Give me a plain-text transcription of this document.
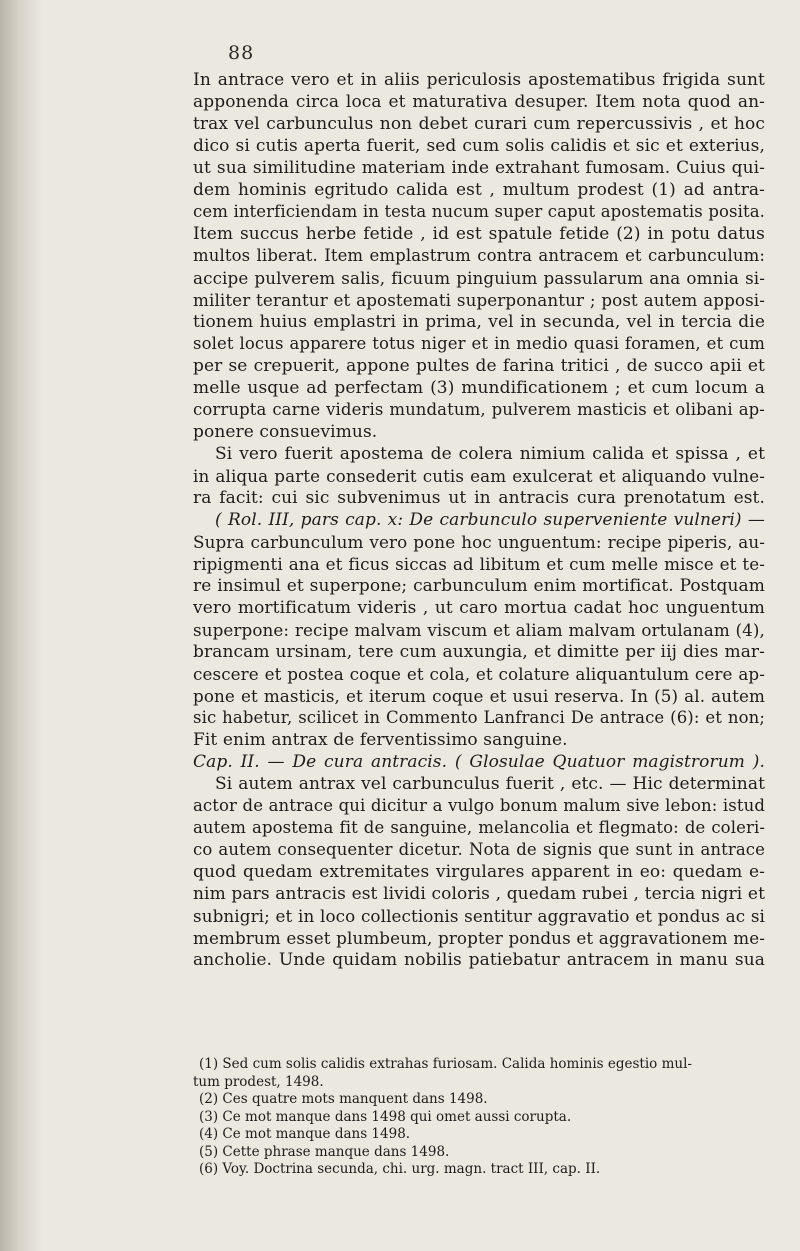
88
In antrace vero et in aliis periculosis apostematibus frigida sunt
apponenda circa loca et maturativa desuper. Item nota quod an-
trax vel carbunculus non debet curari cum repercussivis , et hoc
dico si cutis aperta fuerit, sed cum solis calidis et sic et exterius,
ut sua similitudine materiam inde extrahant fumosam. Cuius qui-
dem hominis egritudo calida est , multum prodest (1) ad antra-
cem interficiendam in testa nucum super caput apostematis posita.
Item succus herbe fetide , id est spatule fetide (2) in potu datus
multos liberat. Item emplastrum contra antracem et carbunculum:
accipe pulverem salis, ficuum pinguium passularum ana omnia si-
militer terantur et apostemati superponantur ; post autem apposi-
tionem huius emplastri in prima, vel in secunda, vel in tercia die
solet locus apparere totus niger et in medio quasi foramen, et cum
per se crepuerit, appone pultes de farina tritici , de succo apii et
melle usque ad perfectam (3) mundificationem ; et cum locum a
corrupta carne videris mundatum, pulverem masticis et olibani ap-
ponere consuevimus.
Si vero fuerit apostema de colera nimium calida et spissa , et
in aliqua parte consederit cutis eam exulcerat et aliquando vulne-
ra facit: cui sic subvenimus ut in antracis cura prenotatum est.
( Rol. III, pars cap. x: De carbunculo superveniente vulneri) —
Supra carbunculum vero pone hoc unguentum: recipe piperis, au-
ripigmenti ana et ficus siccas ad libitum et cum melle misce et te-
re insimul et superpone; carbunculum enim mortificat. Postquam
vero mortificatum videris , ut caro mortua cadat hoc unguentum
superpone: recipe malvam viscum et aliam malvam ortulanam (4),
brancam ursinam, tere cum auxungia, et dimitte per iij dies mar-
cescere et postea coque et cola, et colature aliquantulum cere ap-
pone et masticis, et iterum coque et usui reserva. In (5) al. autem
sic habetur, scilicet in Commento Lanfranci De antrace (6): et non;
Fit enim antrax de ferventissimo sanguine.
Cap. II. — De cura antracis. ( Glosulae Quatuor magistrorum ).
Si autem antrax vel carbunculus fuerit , etc. — Hic determinat
actor de antrace qui dicitur a vulgo bonum malum sive lebon: istud
autem apostema fit de sanguine, melancolia et flegmato: de coleri-
co autem consequenter dicetur. Nota de signis que sunt in antrace
quod quedam extremitates virgulares apparent in eo: quedam e-
nim pars antracis est lividi coloris , quedam rubei , tercia nigri et
subnigri; et in loco collectionis sentitur aggravatio et pondus ac si
membrum esset plumbeum, propter pondus et aggravationem me-
ancholie. Unde quidam nobilis patiebatur antracem in manu sua
(1) Sed cum solis calidis extrahas furiosam. Calida hominis egestio mul-
tum prodest, 1498.
(2) Ces quatre mots manquent dans 1498.
(3) Ce mot manque dans 1498 qui omet aussi corupta.
(4) Ce mot manque dans 1498.
(5) Cette phrase manque dans 1498.
(6) Voy. Doctrina secunda, chi. urg. magn. tract III, cap. II.
